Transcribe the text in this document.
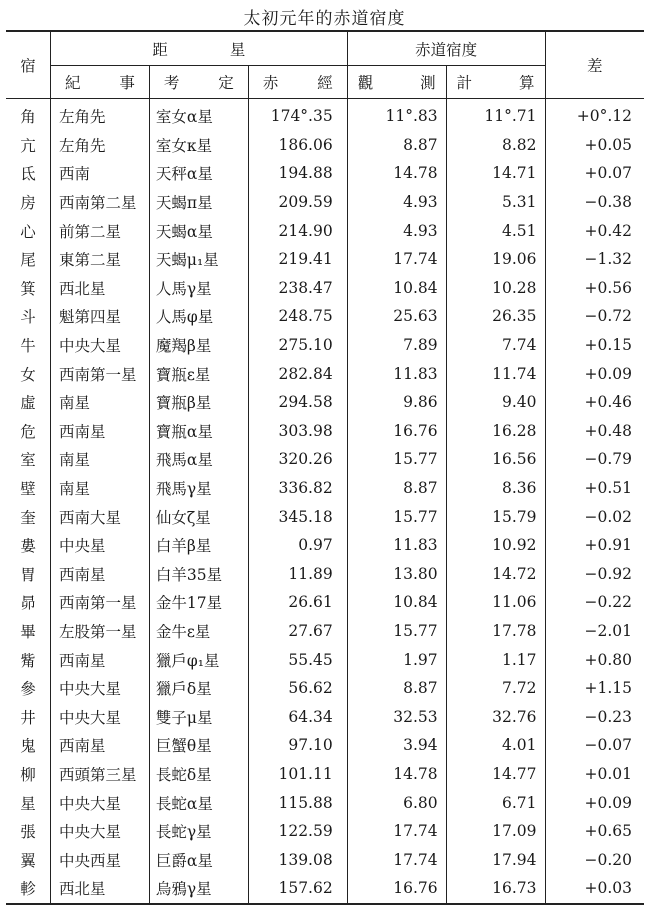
太初元年的赤道宿度
宿	距　　　　星			赤道宿度		差
	紀　　事	考　　定	赤　　經	觀　測	計　算	
角	左角先	室女α星	174°.35	11°.83	11°.71	+0°.12
亢	左角先	室女κ星	186.06	8.87	8.82	+0.05
氐	西南	天秤α星	194.88	14.78	14.71	+0.07
房	西南第二星	天蝎π星	209.59	4.93	5.31	−0.38
心	前第二星	天蝎α星	214.90	4.93	4.51	+0.42
尾	東第二星	天蝎μ₁星	219.41	17.74	19.06	−1.32
箕	西北星	人馬γ星	238.47	10.84	10.28	+0.56
斗	魁第四星	人馬φ星	248.75	25.63	26.35	−0.72
牛	中央大星	魔羯β星	275.10	7.89	7.74	+0.15
女	西南第一星	寶瓶ε星	282.84	11.83	11.74	+0.09
虛	南星	寶瓶β星	294.58	9.86	9.40	+0.46
危	西南星	寶瓶α星	303.98	16.76	16.28	+0.48
室	南星	飛馬α星	320.26	15.77	16.56	−0.79
壁	南星	飛馬γ星	336.82	8.87	8.36	+0.51
奎	西南大星	仙女ζ星	345.18	15.77	15.79	−0.02
婁	中央星	白羊β星	0.97	11.83	10.92	+0.91
胃	西南星	白羊35星	11.89	13.80	14.72	−0.92
昴	西南第一星	金牛17星	26.61	10.84	11.06	−0.22
畢	左股第一星	金牛ε星	27.67	15.77	17.78	−2.01
觜	西南星	獵戶φ₁星	55.45	1.97	1.17	+0.80
參	中央大星	獵戶δ星	56.62	8.87	7.72	+1.15
井	中央大星	雙子μ星	64.34	32.53	32.76	−0.23
鬼	西南星	巨蟹θ星	97.10	3.94	4.01	−0.07
柳	西頭第三星	長蛇δ星	101.11	14.78	14.77	+0.01
星	中央大星	長蛇α星	115.88	6.80	6.71	+0.09
張	中央大星	長蛇γ星	122.59	17.74	17.09	+0.65
翼	中央西星	巨爵α星	139.08	17.74	17.94	−0.20
軫	西北星	烏鴉γ星	157.62	16.76	16.73	+0.03
